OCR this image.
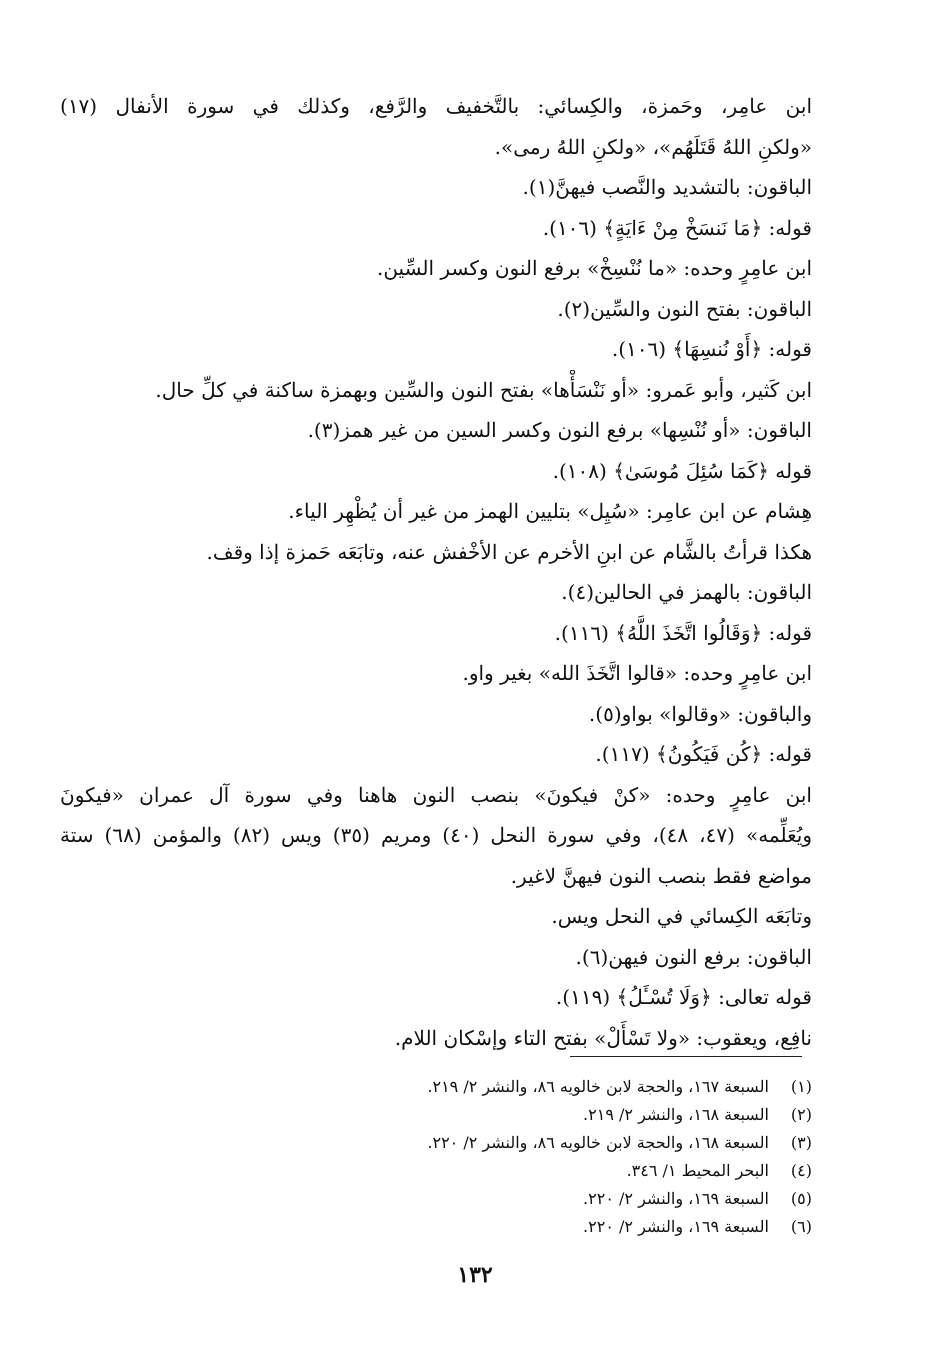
ابن عامِر، وحَمزة، والكِسائي: بالتَّخفيف والرَّفع، وكذلك في سورة الأنفال (١٧)
«ولكنِ اللهُ قَتَلَهُم»، «ولكنِ اللهُ رمى».
الباقون: بالتشديد والنَّصب فيهنَّ(١).
قوله: ﴿مَا نَنسَخْ مِنْ ءَايَةٍ﴾ (١٠٦).
ابن عامِرٍ وحده: «ما نُنْسِخْ» برفع النون وكسر السِّين.
الباقون: بفتح النون والسِّين(٢).
قوله: ﴿أَوْ نُنسِهَا﴾ (١٠٦).
ابن كَثير، وأبو عَمرو: «أو نَنْسَأْها» بفتح النون والسِّين وبهمزة ساكنة في كلِّ حال.
الباقون: «أو نُنْسِها» برفع النون وكسر السين من غير همز(٣).
قوله ﴿كَمَا سُئِلَ مُوسَىٰ﴾ (١٠٨).
هِشام عن ابن عامِر: «سُيِل» بتليين الهمز من غير أن يُظْهِر الياء.
هكذا قرأتُ بالشَّام عن ابنِ الأخرم عن الأخْفش عنه، وتابَعَه حَمزة إذا وقف.
الباقون: بالهمز في الحالين(٤).
قوله: ﴿وَقَالُوا اتَّخَذَ اللَّهُ﴾ (١١٦).
ابن عامِرٍ وحده: «قالوا اتَّخَذَ الله» بغير واو.
والباقون: «وقالوا» بواو(٥).
قوله: ﴿كُن فَيَكُونُ﴾ (١١٧).
ابن عامِرٍ وحده: «كنْ فيكونَ» بنصب النون هاهنا وفي سورة آل عمران «فيكونَ
ويُعَلِّمه» (٤٧، ٤٨)، وفي سورة النحل (٤٠) ومريم (٣٥) ويس (٨٢) والمؤمن (٦٨) ستة
مواضع فقط بنصب النون فيهنَّ لاغير.
وتابَعَه الكِسائي في النحل ويس.
الباقون: برفع النون فيهن(٦).
قوله تعالى: ﴿وَلَا تُسْـَٔلُ﴾ (١١٩).
نافِع، ويعقوب: «ولا تَسْأَلْ» بفتح التاء وإسْكان اللام.
(١) السبعة ١٦٧، والحجة لابن خالويه ٨٦، والنشر ٢/ ٢١٩.
(٢) السبعة ١٦٨، والنشر ٢/ ٢١٩.
(٣) السبعة ١٦٨، والحجة لابن خالويه ٨٦، والنشر ٢/ ٢٢٠.
(٤) البحر المحيط ١/ ٣٤٦.
(٥) السبعة ١٦٩، والنشر ٢/ ٢٢٠.
(٦) السبعة ١٦٩، والنشر ٢/ ٢٢٠.
١٣٢
